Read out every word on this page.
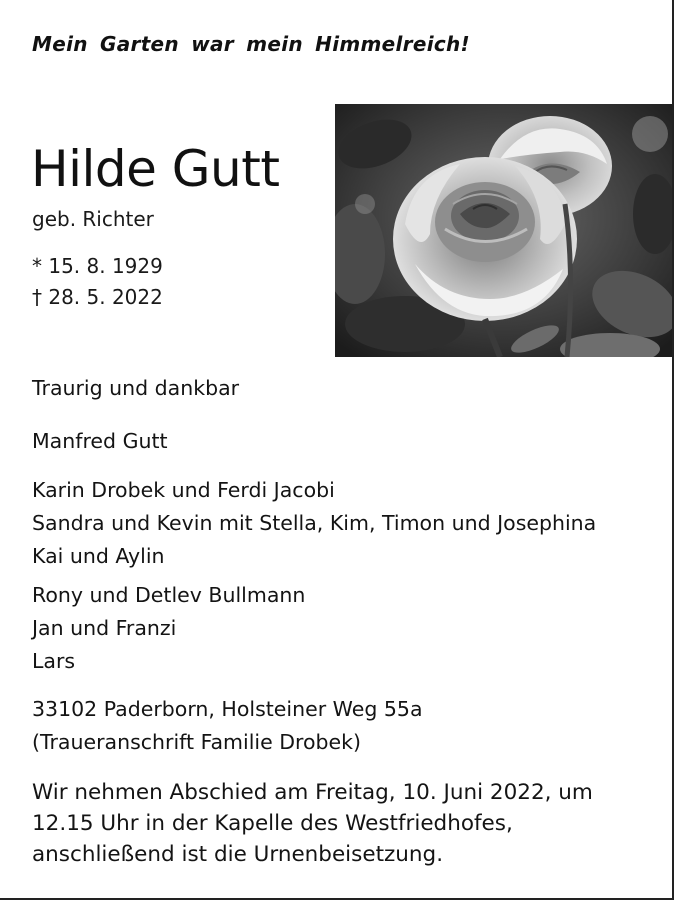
Mein Garten war mein Himmelreich!
Hilde Gutt
geb. Richter
* 15. 8. 1929
† 28. 5. 2022
Traurig und dankbar
Manfred Gutt
Karin Drobek und Ferdi Jacobi
Sandra und Kevin mit Stella, Kim, Timon und Josephina
Kai und Aylin
Rony und Detlev Bullmann
Jan und Franzi
Lars
33102 Paderborn, Holsteiner Weg 55a
(Traueranschrift Familie Drobek)
Wir nehmen Abschied am Freitag, 10. Juni 2022, um
12.15 Uhr in der Kapelle des Westfriedhofes,
anschließend ist die Urnenbeisetzung.
